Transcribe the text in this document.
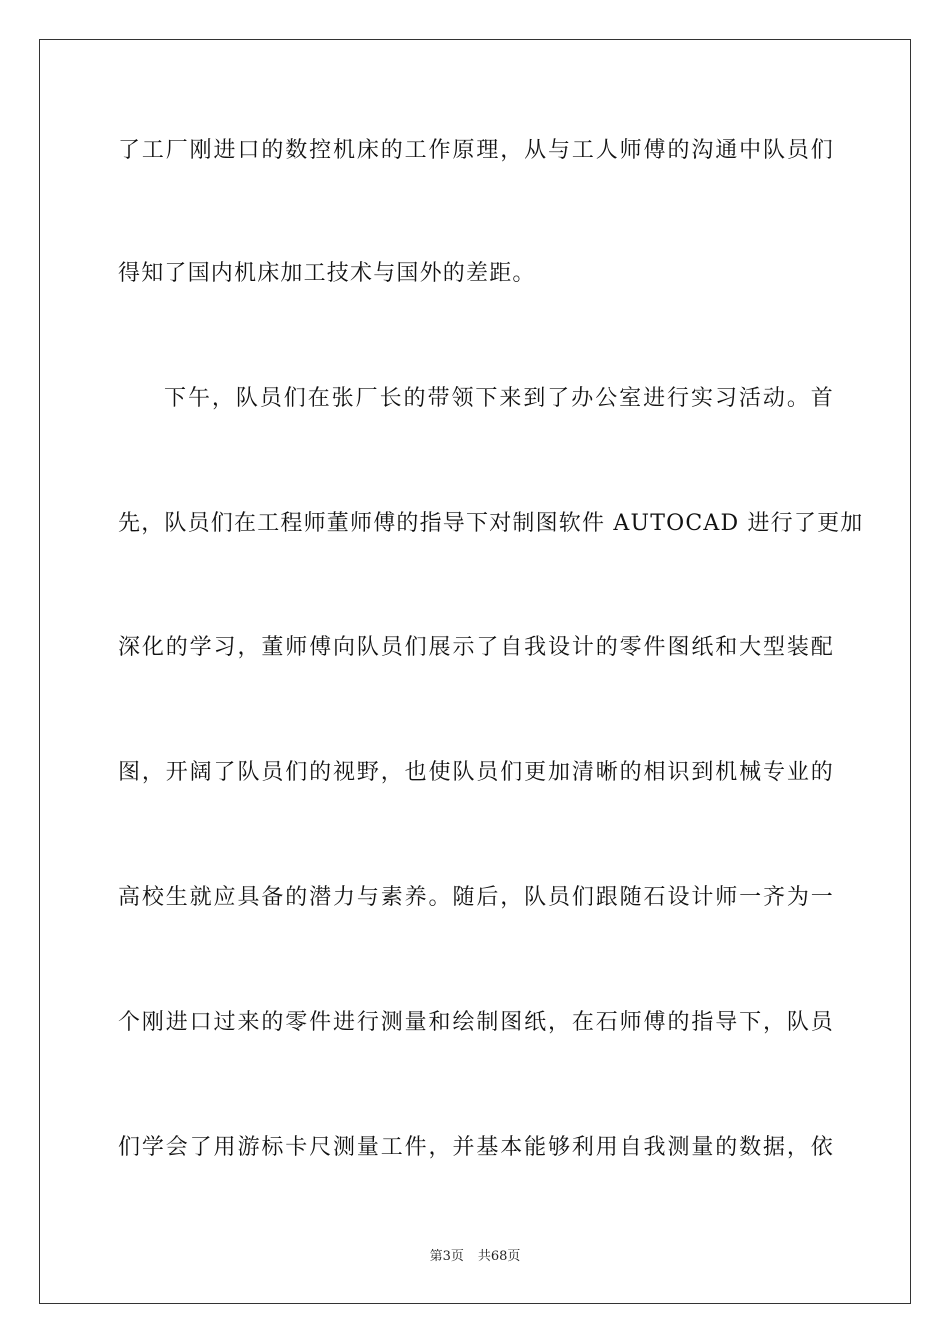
了工厂刚进口的数控机床的工作原理，从与工人师傅的沟通中队员们
得知了国内机床加工技术与国外的差距。
下午，队员们在张厂长的带领下来到了办公室进行实习活动。首
先，队员们在工程师董师傅的指导下对制图软件 AUTOCAD 进行了更加
深化的学习，董师傅向队员们展示了自我设计的零件图纸和大型装配
图，开阔了队员们的视野，也使队员们更加清晰的相识到机械专业的
高校生就应具备的潜力与素养。随后，队员们跟随石设计师一齐为一
个刚进口过来的零件进行测量和绘制图纸，在石师傅的指导下，队员
们学会了用游标卡尺测量工件，并基本能够利用自我测量的数据，依
第3页 共68页
